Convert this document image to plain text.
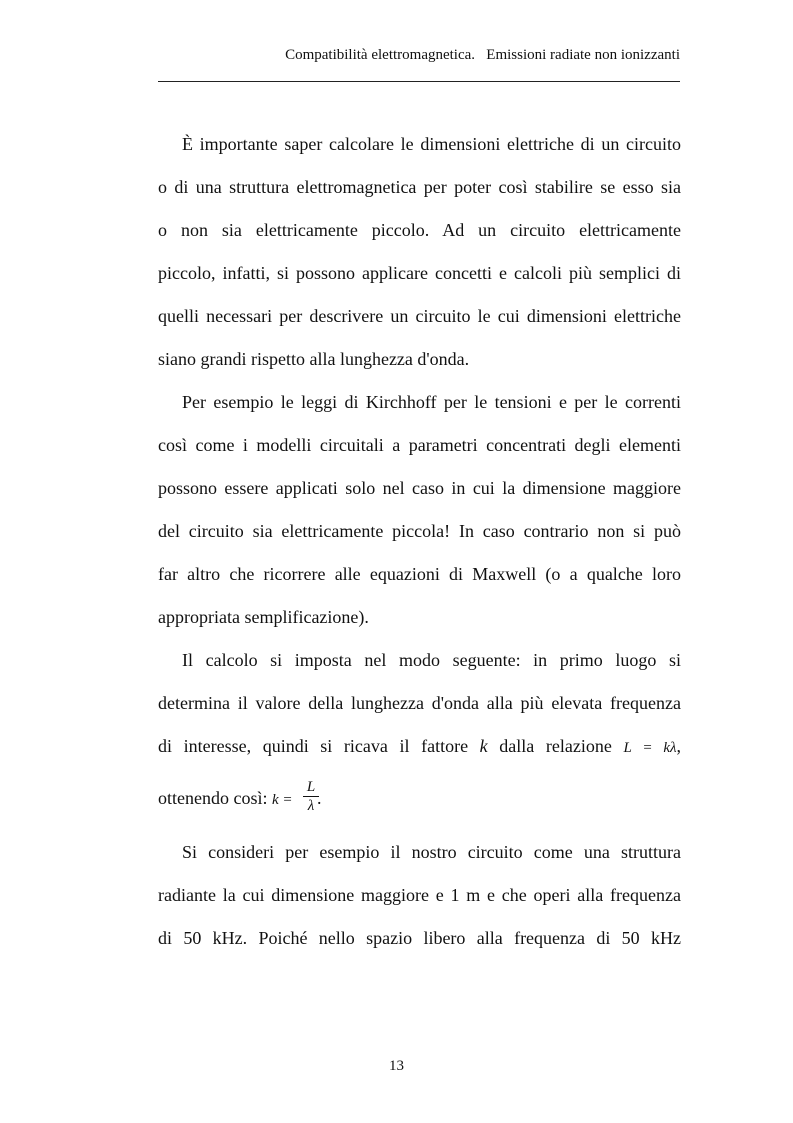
Compatibilità elettromagnetica.   Emissioni radiate non ionizzanti
È importante saper calcolare le dimensioni elettriche di un circuito
o di una struttura elettromagnetica per poter così stabilire se esso sia
o non sia elettricamente piccolo. Ad un circuito elettricamente
piccolo, infatti, si possono applicare concetti e calcoli più semplici di
quelli necessari per descrivere un circuito le cui dimensioni elettriche
siano grandi rispetto alla lunghezza d'onda.
Per esempio le leggi di Kirchhoff per le tensioni e per le correnti
così come i modelli circuitali a parametri concentrati degli elementi
possono essere applicati solo nel caso in cui la dimensione maggiore
del circuito sia elettricamente piccola! In caso contrario non si può
far altro che ricorrere alle equazioni di Maxwell (o a qualche loro
appropriata semplificazione).
Il calcolo si imposta nel modo seguente: in primo luogo si
determina il valore della lunghezza d'onda alla più elevata frequenza
di interesse, quindi si ricava il fattore k dalla relazione L = kλ,
ottenendo così: k = .
L
λ
Si consideri per esempio il nostro circuito come una struttura
radiante la cui dimensione maggiore e 1 m e che operi alla frequenza
di 50 kHz. Poiché nello spazio libero alla frequenza di 50 kHz
13
